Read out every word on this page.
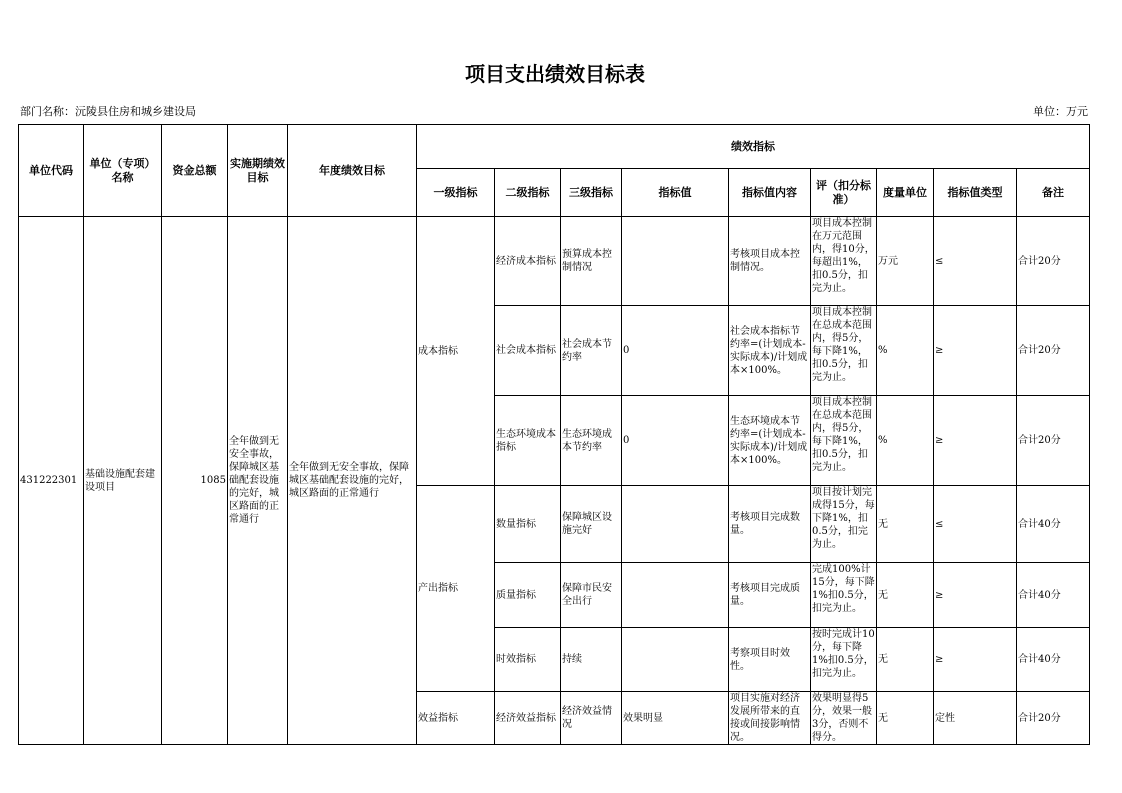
项目支出绩效目标表
部门名称：沅陵县住房和城乡建设局	单位：万元
单位代码	单位（专项）名称	资金总额	实施期绩效目标	年度绩效目标	绩效指标								
					一级指标	二级指标	三级指标	指标值	指标值内容	评（扣分标准）	度量单位	指标值类型	备注
431222301	基础设施配套建设项目	1085	全年做到无安全事故，保障城区基础配套设施的完好，城区路面的正常通行	全年做到无安全事故，保障城区基础配套设施的完好，城区路面的正常通行	成本指标	经济成本指标	预算成本控制情况		考核项目成本控制情况。	项目成本控制在万元范围内，得10分，每超出1%，扣0.5分，扣完为止。	万元	≤	合计20分
						社会成本指标	社会成本节约率	0	社会成本指标节约率=(计划成本-实际成本)/计划成本×100%。	项目成本控制在总成本范围内，得5分，每下降1%，扣0.5分，扣完为止。	%	≥	合计20分
						生态环境成本指标	生态环境成本节约率	0	生态环境成本节约率=(计划成本-实际成本)/计划成本×100%。	项目成本控制在总成本范围内，得5分，每下降1%，扣0.5分，扣完为止。	%	≥	合计20分
					产出指标	数量指标	保障城区设施完好		考核项目完成数量。	项目按计划完成得15分，每下降1%，扣0.5分，扣完为止。	无	≤	合计40分
						质量指标	保障市民安全出行		考核项目完成质量。	完成100%计15分，每下降1%扣0.5分，扣完为止。	无	≥	合计40分
						时效指标	持续		考察项目时效性。	按时完成计10分，每下降1%扣0.5分，扣完为止。	无	≥	合计40分
					效益指标	经济效益指标	经济效益情况	效果明显	项目实施对经济发展所带来的直接或间接影响情况。	效果明显得5分，效果一般3分，否则不得分。	无	定性	合计20分
